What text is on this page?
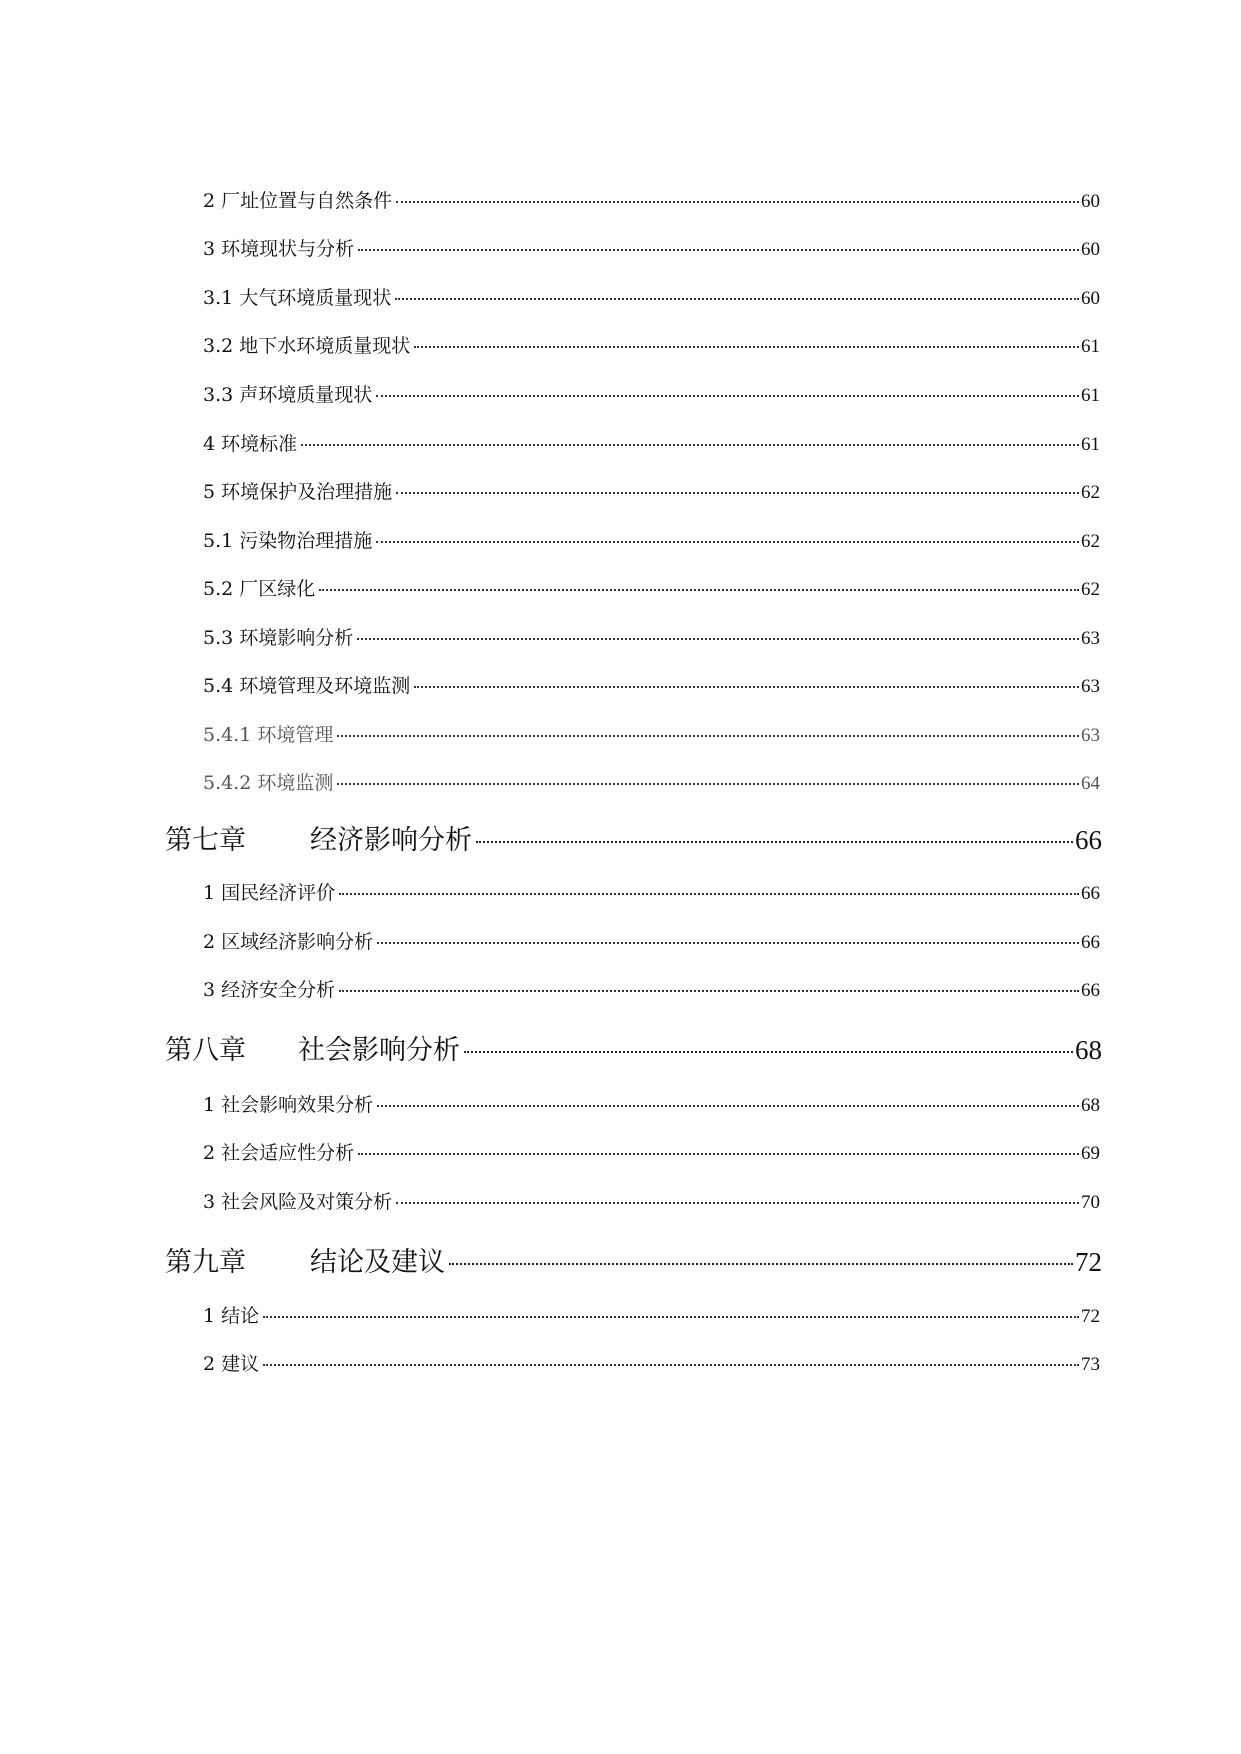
2 厂址位置与自然条件	60
3 环境现状与分析	60
3.1 大气环境质量现状	60
3.2 地下水环境质量现状	61
3.3 声环境质量现状	61
4 环境标准	61
5 环境保护及治理措施	62
5.1 污染物治理措施	62
5.2 厂区绿化	62
5.3 环境影响分析	63
5.4 环境管理及环境监测	63
5.4.1 环境管理	63
5.4.2 环境监测	64
第七章 经济影响分析	66
1 国民经济评价	66
2 区域经济影响分析	66
3 经济安全分析	66
第八章 社会影响分析	68
1 社会影响效果分析	68
2 社会适应性分析	69
3 社会风险及对策分析	70
第九章 结论及建议	72
1 结论	72
2 建议	73
